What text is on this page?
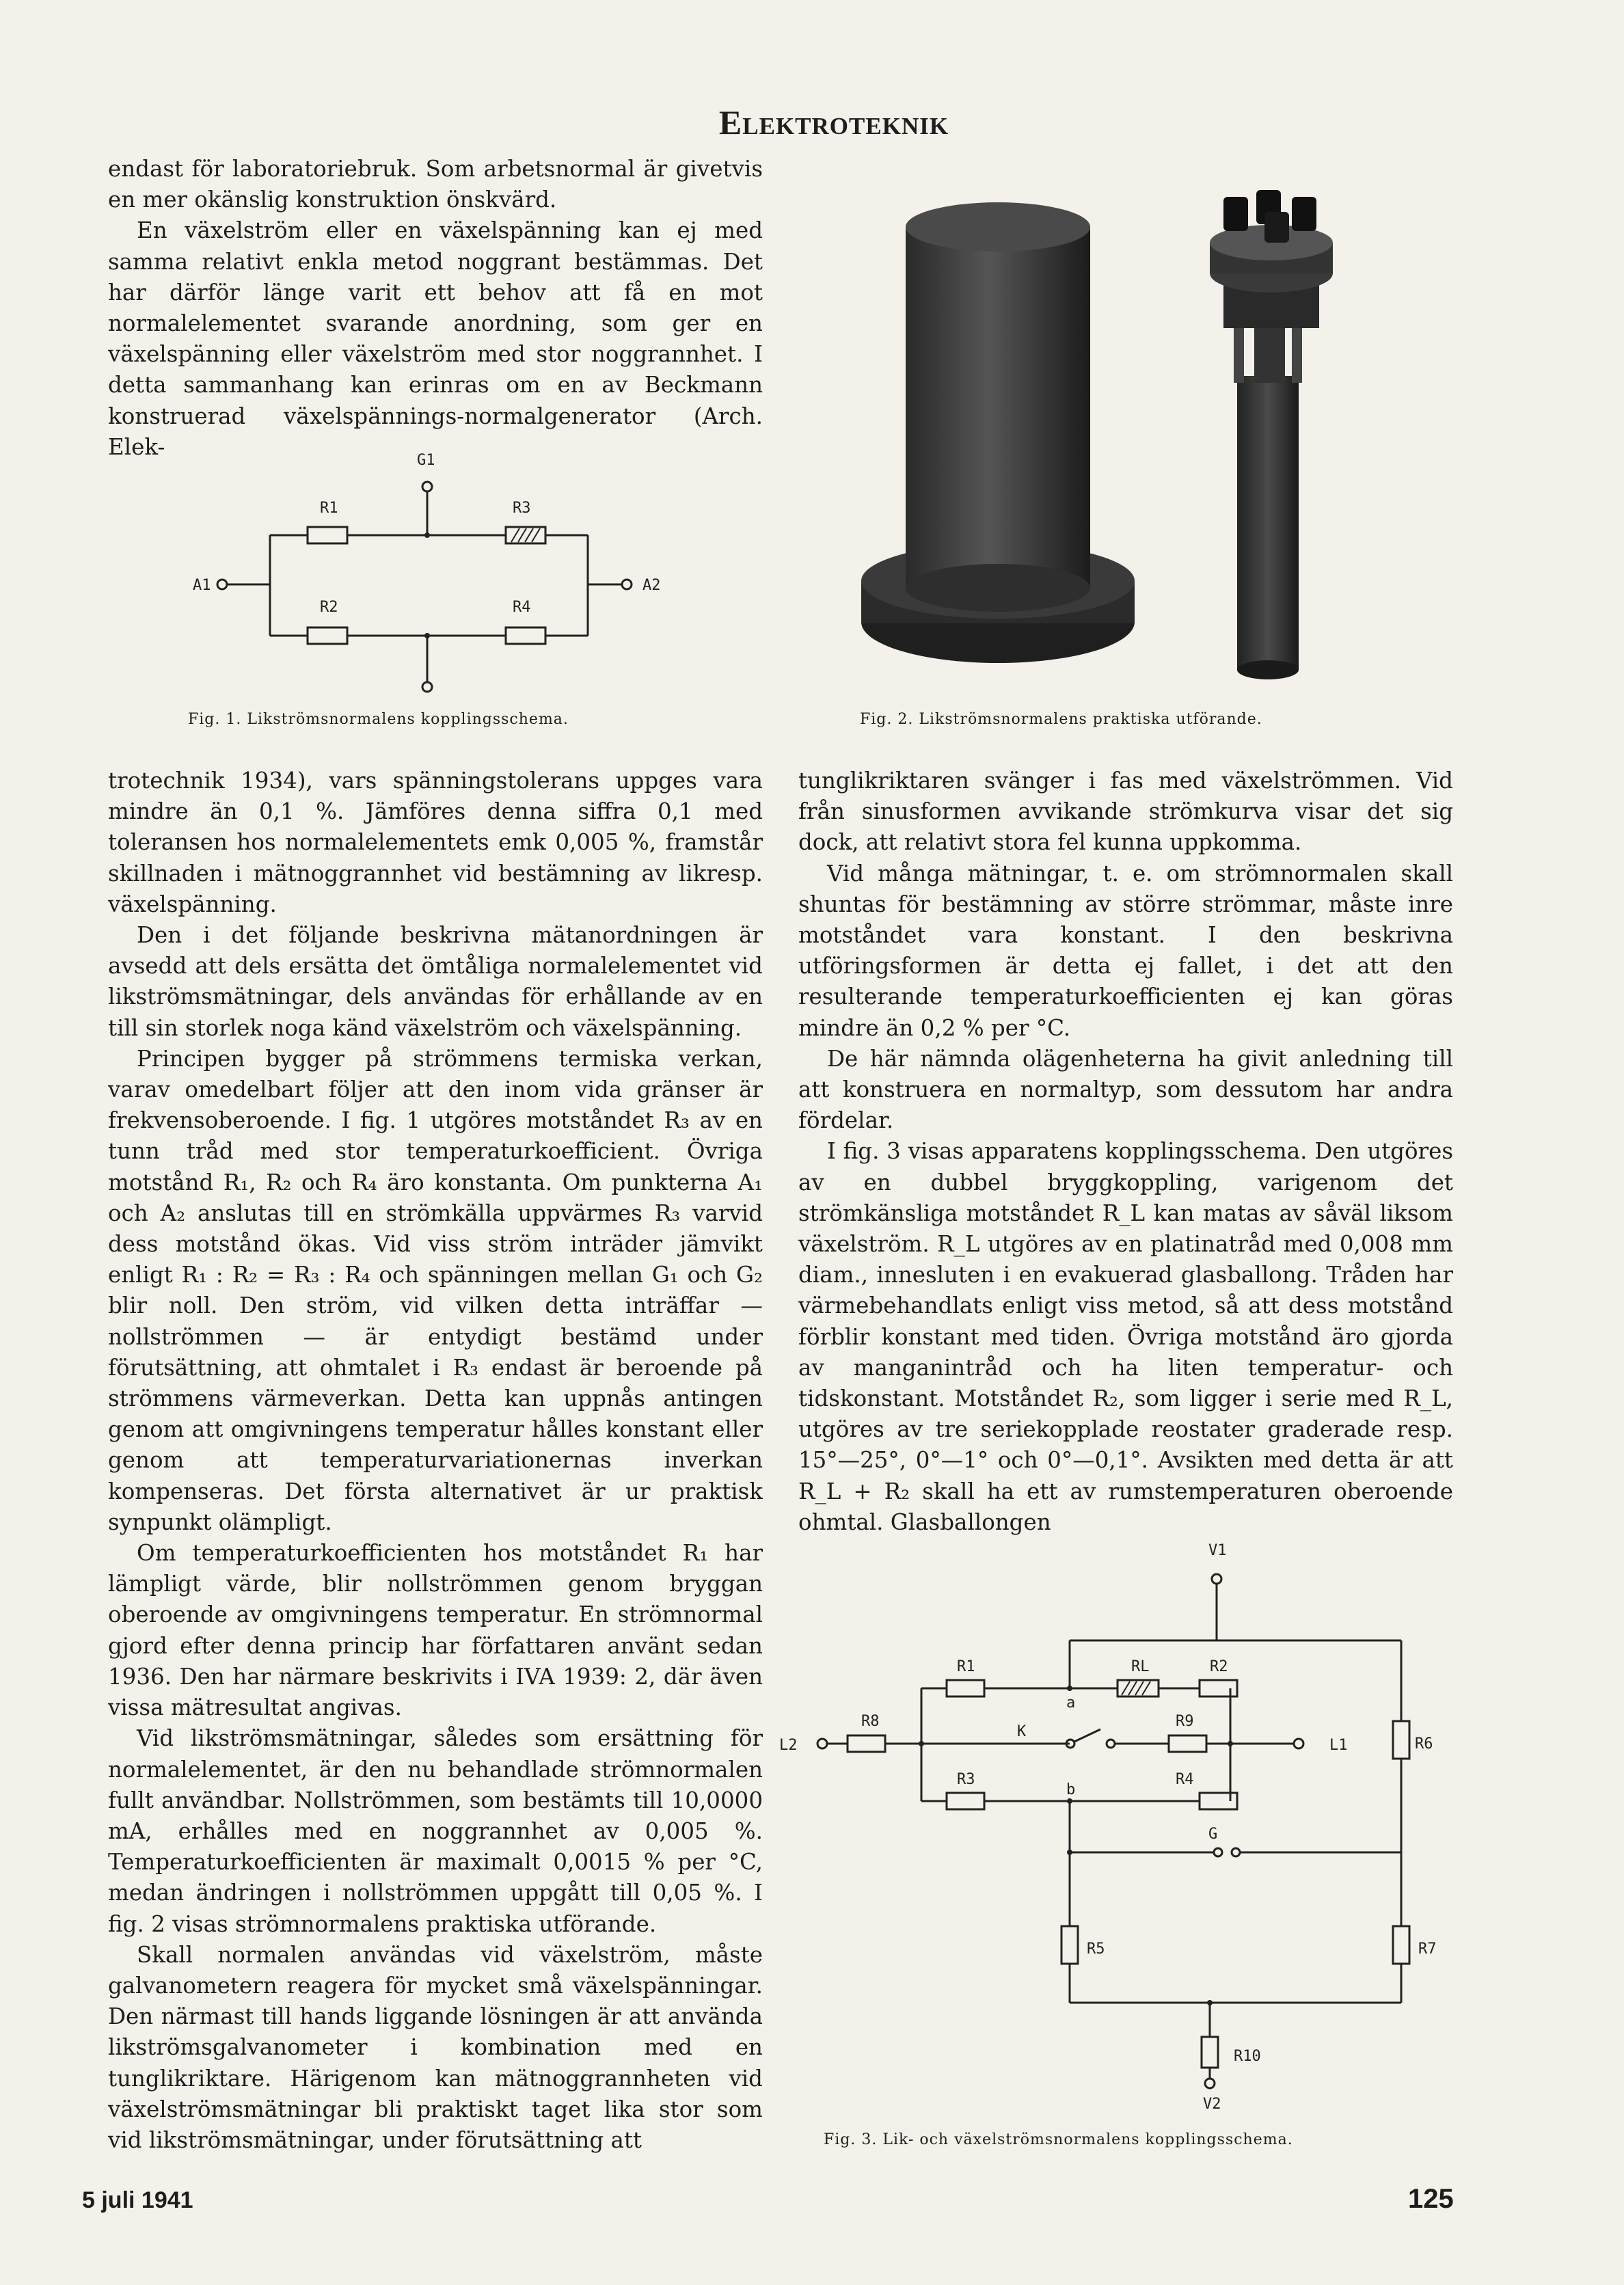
Elektroteknik

endast för laboratoriebruk. Som arbetsnormal är givetvis en mer okänslig konstruktion önskvärd.

En växelström eller en växelspänning kan ej med samma relativt enkla metod noggrant bestämmas. Det har därför länge varit ett behov att få en mot normalelementet svarande anordning, som ger en växelspänning eller växelström med stor noggrannhet. I detta sammanhang kan erinras om en av Beckmann konstruerad växelspännings-normalgenerator (Arch. Elek-

G1
R1	R3
A1	A2
R2	R4
Fig. 1. Likströmsnormalens kopplingsschema.	Fig. 2. Likströmsnormalens praktiska utförande.

trotechnik 1934), vars spänningstolerans uppges vara mindre än 0,1 %. Jämföres denna siffra 0,1 med toleransen hos normalelementets emk 0,005 %, framstår skillnaden i mätnoggrannhet vid bestämning av likresp. växelspänning.

Den i det följande beskrivna mätanordningen är avsedd att dels ersätta det ömtåliga normalelementet vid likströmsmätningar, dels användas för erhållande av en till sin storlek noga känd växelström och växelspänning.

Principen bygger på strömmens termiska verkan, varav omedelbart följer att den inom vida gränser är frekvensoberoende. I fig. 1 utgöres motståndet R₃ av en tunn tråd med stor temperaturkoefficient. Övriga motstånd R₁, R₂ och R₄ äro konstanta. Om punkterna A₁ och A₂ anslutas till en strömkälla uppvärmes R₃ varvid dess motstånd ökas. Vid viss ström inträder jämvikt enligt R₁ : R₂ = R₃ : R₄ och spänningen mellan G₁ och G₂ blir noll. Den ström, vid vilken detta inträffar — nollströmmen — är entydigt bestämd under förutsättning, att ohmtalet i R₃ endast är beroende på strömmens värmeverkan. Detta kan uppnås antingen genom att omgivningens temperatur hålles konstant eller genom att temperaturvariationernas inverkan kompenseras. Det första alternativet är ur praktisk synpunkt olämpligt.

Om temperaturkoefficienten hos motståndet R₁ har lämpligt värde, blir nollströmmen genom bryggan oberoende av omgivningens temperatur. En strömnormal gjord efter denna princip har författaren använt sedan 1936. Den har närmare beskrivits i IVA 1939: 2, där även vissa mätresultat angivas.

Vid likströmsmätningar, således som ersättning för normalelementet, är den nu behandlade strömnormalen fullt användbar. Nollströmmen, som bestämts till 10,0000 mA, erhålles med en noggrannhet av 0,005 %. Temperaturkoefficienten är maximalt 0,0015 % per °C, medan ändringen i nollströmmen uppgått till 0,05 %. I fig. 2 visas strömnormalens praktiska utförande.

Skall normalen användas vid växelström, måste galvanometern reagera för mycket små växelspänningar. Den närmast till hands liggande lösningen är att använda likströmsgalvanometer i kombination med en tunglikriktare. Härigenom kan mätnoggrannheten vid växelströmsmätningar bli praktiskt taget lika stor som vid likströmsmätningar, under förutsättning att

tunglikriktaren svänger i fas med växelströmmen. Vid från sinusformen avvikande strömkurva visar det sig dock, att relativt stora fel kunna uppkomma.

Vid många mätningar, t. e. om strömnormalen skall shuntas för bestämning av större strömmar, måste inre motståndet vara konstant. I den beskrivna utföringsformen är detta ej fallet, i det att den resulterande temperaturkoefficienten ej kan göras mindre än 0,2 % per °C.

De här nämnda olägenheterna ha givit anledning till att konstruera en normaltyp, som dessutom har andra fördelar.

I fig. 3 visas apparatens kopplingsschema. Den utgöres av en dubbel bryggkoppling, varigenom det strömkänsliga motståndet R_L kan matas av såväl liksom växelström. R_L utgöres av en platinatråd med 0,008 mm diam., innesluten i en evakuerad glasballong. Tråden har värmebehandlats enligt viss metod, så att dess motstånd förblir konstant med tiden. Övriga motstånd äro gjorda av manganintråd och ha liten temperatur- och tidskonstant. Motståndet R₂, som ligger i serie med R_L, utgöres av tre seriekopplade reostater graderade resp. 15°—25°, 0°—1° och 0°—0,1°. Avsikten med detta är att R_L + R₂ skall ha ett av rumstemperaturen oberoende ohmtal. Glasballongen

V1
R1	RL	R2
a
R8
K
R9
L2	L1	R6
R3
b
R4
G
R5	R7
R10
V2
Fig. 3. Lik- och växelströmsnormalens kopplingsschema.
5 juli 1941	125
